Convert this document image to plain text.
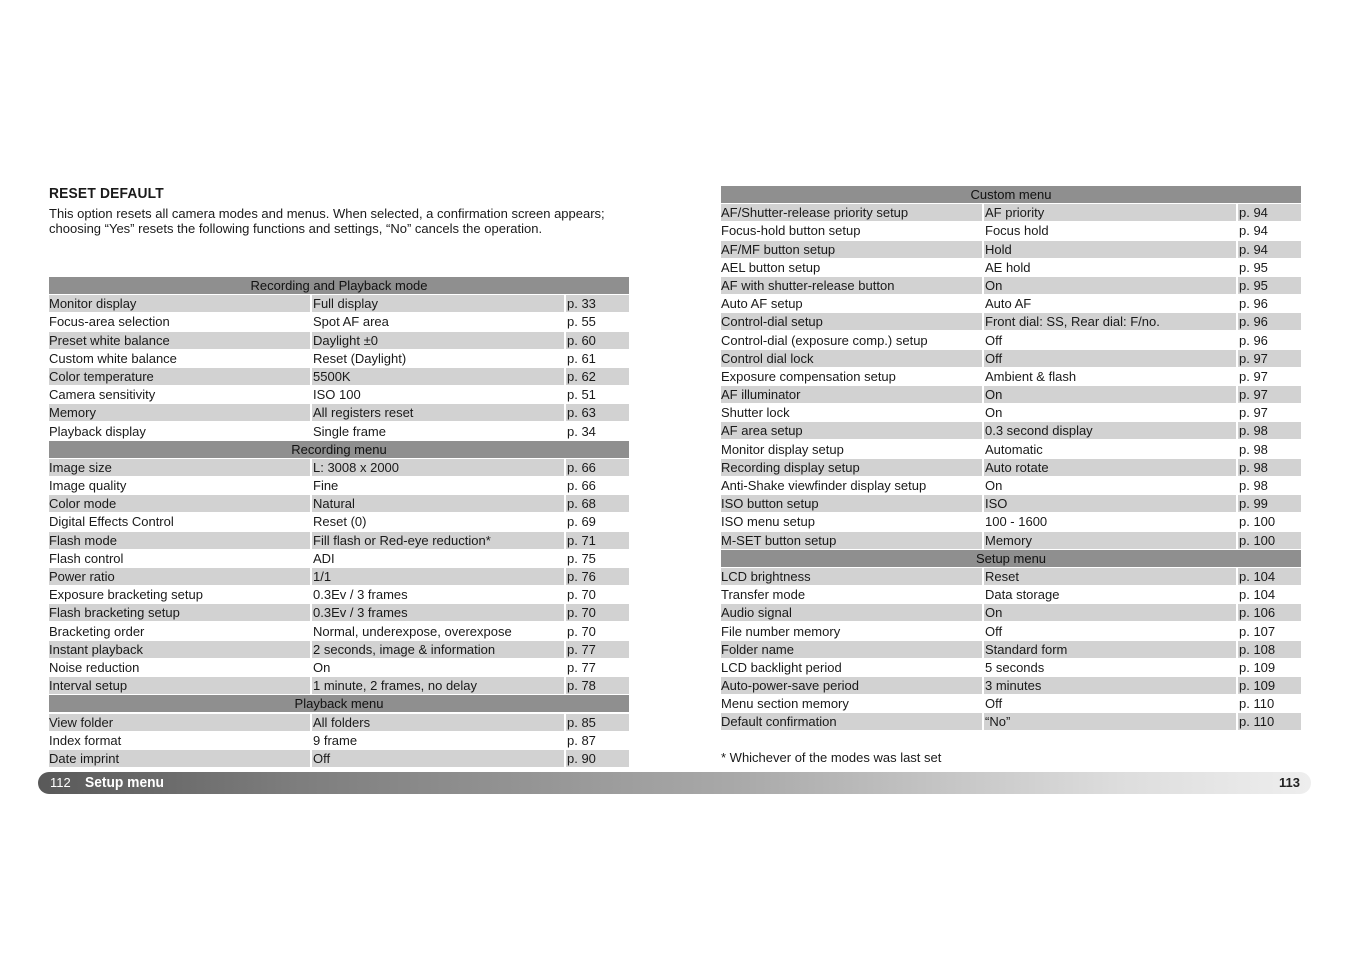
RESET DEFAULT
This option resets all camera modes and menus. When selected, a confirmation screen appears; choosing “Yes” resets the following functions and settings, “No” cancels the operation.
Recording and Playback mode
Monitor display	Full display	p. 33
Focus-area selection	Spot AF area	p. 55
Preset white balance	Daylight ±0	p. 60
Custom white balance	Reset (Daylight)	p. 61
Color temperature	5500K	p. 62
Camera sensitivity	ISO 100	p. 51
Memory	All registers reset	p. 63
Playback display	Single frame	p. 34
Recording menu
Image size	L: 3008 x 2000	p. 66
Image quality	Fine	p. 66
Color mode	Natural	p. 68
Digital Effects Control	Reset (0)	p. 69
Flash mode	Fill flash or Red-eye reduction*	p. 71
Flash control	ADI	p. 75
Power ratio	1/1	p. 76
Exposure bracketing setup	0.3Ev / 3 frames	p. 70
Flash bracketing setup	0.3Ev / 3 frames	p. 70
Bracketing order	Normal, underexpose, overexpose	p. 70
Instant playback	2 seconds, image & information	p. 77
Noise reduction	On	p. 77
Interval setup	1 minute, 2 frames, no delay	p. 78
Playback menu
View folder	All folders	p. 85
Index format	9 frame	p. 87
Date imprint	Off	p. 90
Custom menu
AF/Shutter-release priority setup	AF priority	p. 94
Focus-hold button setup	Focus hold	p. 94
AF/MF button setup	Hold	p. 94
AEL button setup	AE hold	p. 95
AF with shutter-release button	On	p. 95
Auto AF setup	Auto AF	p. 96
Control-dial setup	Front dial: SS, Rear dial: F/no.	p. 96
Control-dial (exposure comp.) setup	Off	p. 96
Control dial lock	Off	p. 97
Exposure compensation setup	Ambient & flash	p. 97
AF illuminator	On	p. 97
Shutter lock	On	p. 97
AF area setup	0.3 second display	p. 98
Monitor display setup	Automatic	p. 98
Recording display setup	Auto rotate	p. 98
Anti-Shake viewfinder display setup	On	p. 98
ISO button setup	ISO	p. 99
ISO menu setup	100 - 1600	p. 100
M-SET button setup	Memory	p. 100
Setup menu
LCD brightness	Reset	p. 104
Transfer mode	Data storage	p. 104
Audio signal	On	p. 106
File number memory	Off	p. 107
Folder name	Standard form	p. 108
LCD backlight period	5 seconds	p. 109
Auto-power-save period	3 minutes	p. 109
Menu section memory	Off	p. 110
Default confirmation	“No”	p. 110
* Whichever of the modes was last set
112 Setup menu	113
